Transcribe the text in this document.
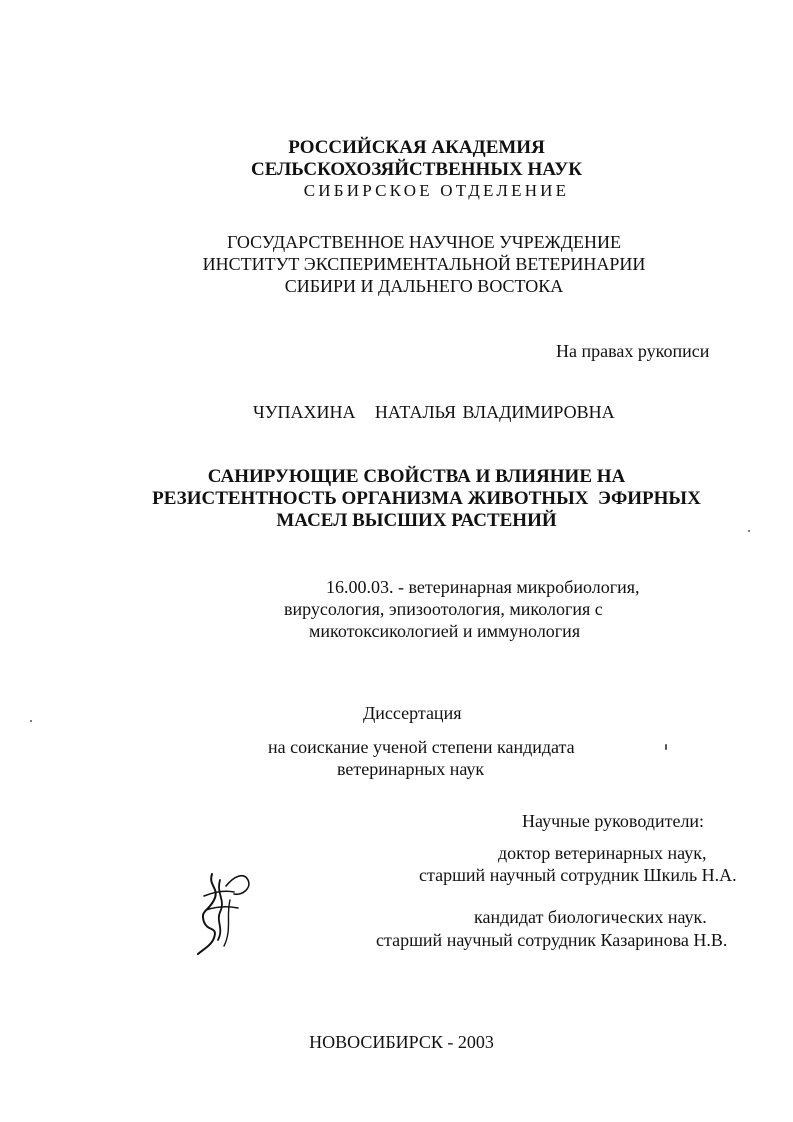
РОССИЙСКАЯ АКАДЕМИЯ
СЕЛЬСКОХОЗЯЙСТВЕННЫХ НАУК
СИБИРСКОЕ ОТДЕЛЕНИЕ
ГОСУДАРСТВЕННОЕ НАУЧНОЕ УЧРЕЖДЕНИЕ
ИНСТИТУТ ЭКСПЕРИМЕНТАЛЬНОЙ ВЕТЕРИНАРИИ
СИБИРИ И ДАЛЬНЕГО ВОСТОКА
На правах рукописи
ЧУПАХИНА   НАТАЛЬЯ ВЛАДИМИРОВНА
САНИРУЮЩИЕ СВОЙСТВА И ВЛИЯНИЕ НА
РЕЗИСТЕНТНОСТЬ ОРГАНИЗМА ЖИВОТНЫХ  ЭФИРНЫХ
МАСЕЛ ВЫСШИХ РАСТЕНИЙ
16.00.03. - ветеринарная микробиология,
вирусология, эпизоотология, микология с
микотоксикологией и иммунология
Диссертация
на соискание ученой степени кандидата
ветеринарных наук
Научные руководители:
доктор ветеринарных наук,
старший научный сотрудник Шкиль Н.А.
кандидат биологических наук.
старший научный сотрудник Казаринова Н.В.
НОВОСИБИРСК - 2003
